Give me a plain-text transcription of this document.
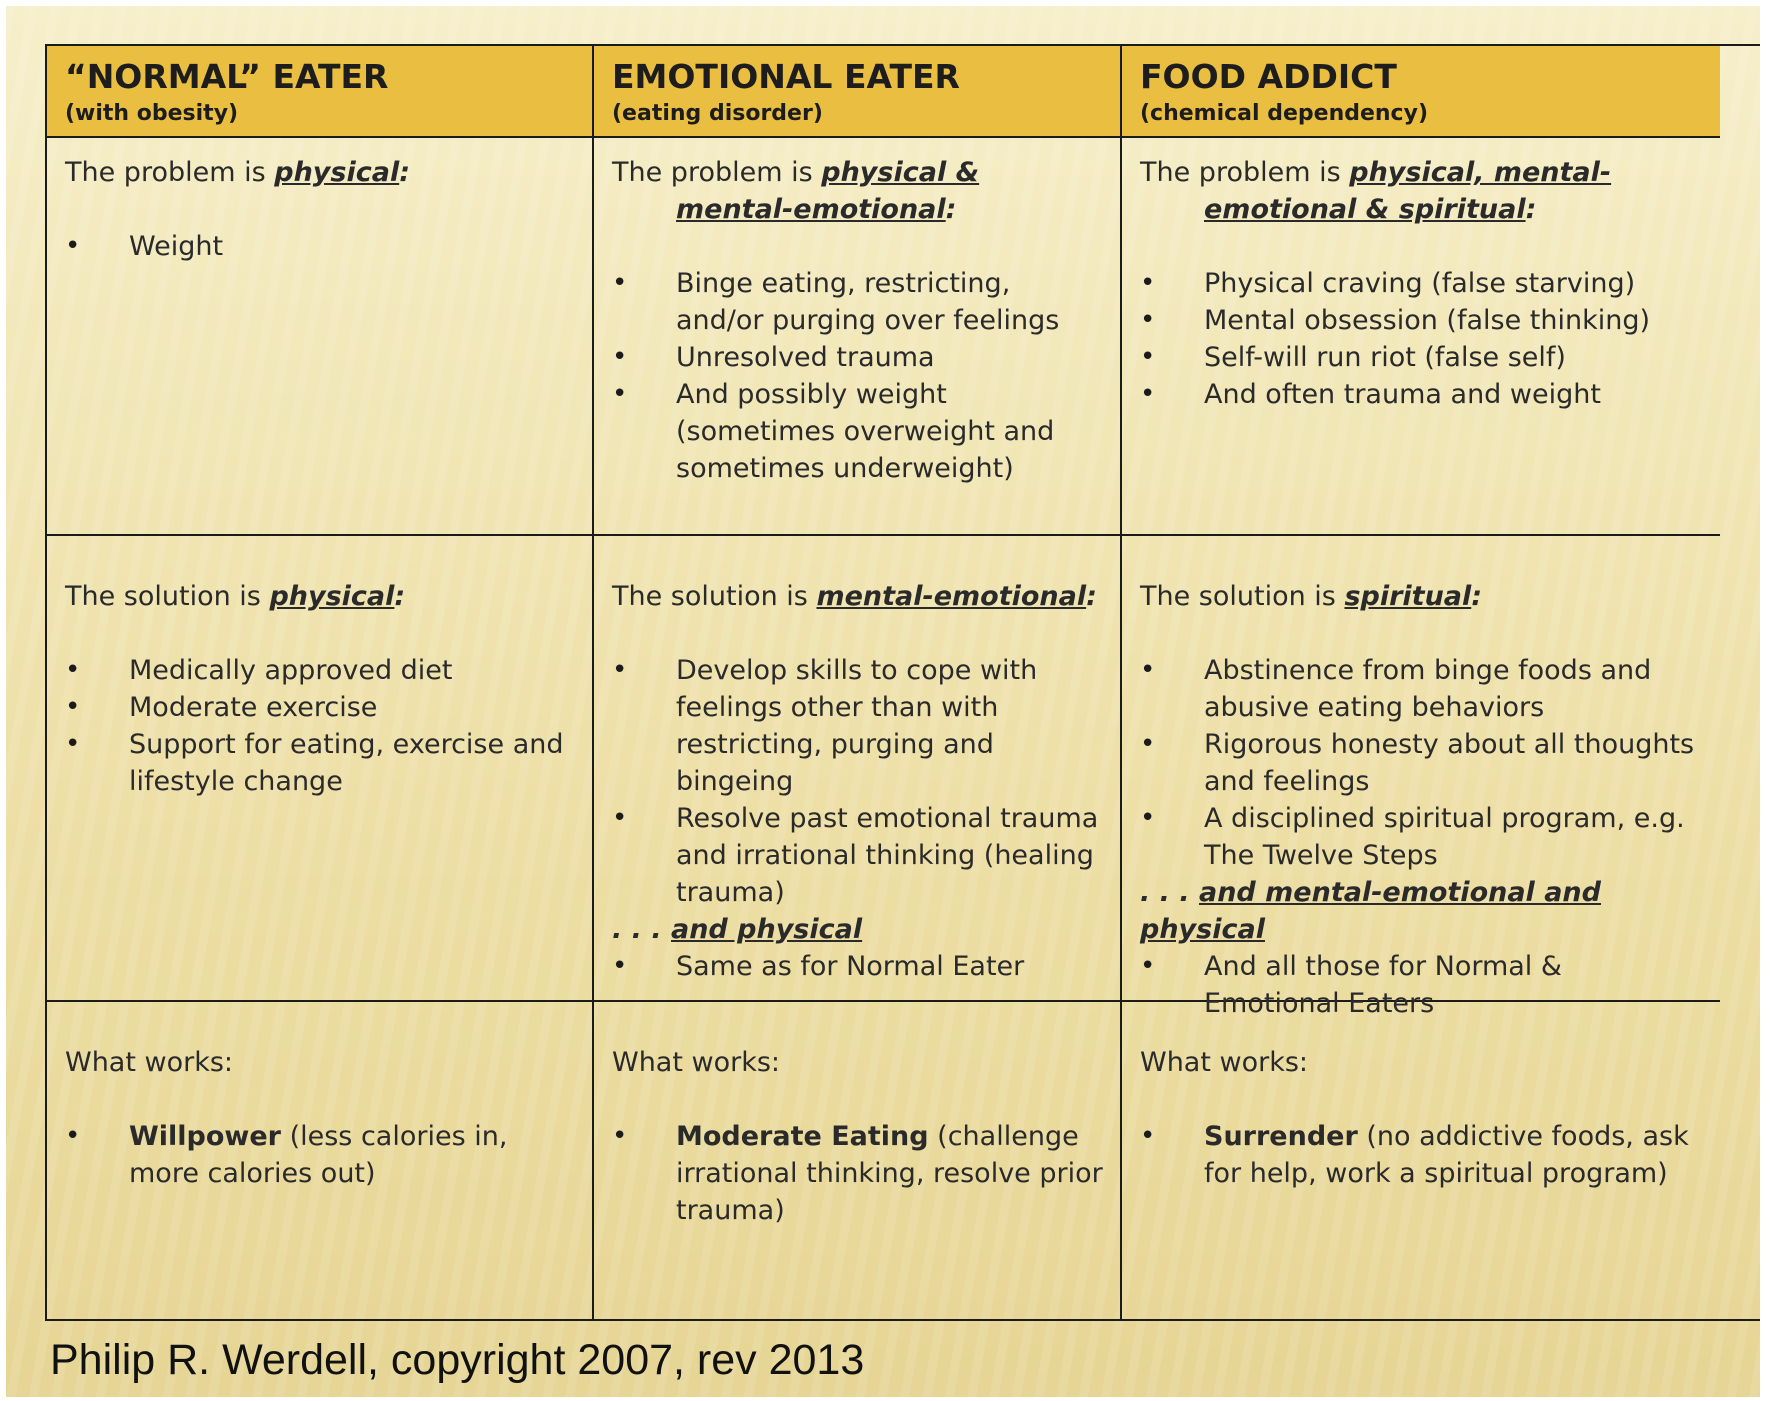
“NORMAL” EATER
(with obesity)
EMOTIONAL EATER
(eating disorder)
FOOD ADDICT
(chemical dependency)

The problem is physical:

• Weight

The problem is physical & mental-emotional:

• Binge eating, restricting, and/or purging over feelings
• Unresolved trauma
• And possibly weight (sometimes overweight and sometimes underweight)

The problem is physical, mental-emotional & spiritual:

• Physical craving (false starving)
• Mental obsession (false thinking)
• Self-will run riot (false self)
• And often trauma and weight

The solution is physical:

• Medically approved diet
• Moderate exercise
• Support for eating, exercise and lifestyle change

The solution is mental-emotional:

• Develop skills to cope with feelings other than with restricting, purging and bingeing
• Resolve past emotional trauma and irrational thinking (healing trauma)

. . . and physical

• Same as for Normal Eater

The solution is spiritual:

• Abstinence from binge foods and abusive eating behaviors
• Rigorous honesty about all thoughts and feelings
• A disciplined spiritual program, e.g. The Twelve Steps

. . . and mental-emotional and physical

• And all those for Normal & Emotional Eaters

What works:

• Willpower (less calories in, more calories out)

What works:

• Moderate Eating (challenge irrational thinking, resolve prior trauma)

What works:

• Surrender (no addictive foods, ask for help, work a spiritual program)
Philip R. Werdell, copyright 2007, rev 2013
